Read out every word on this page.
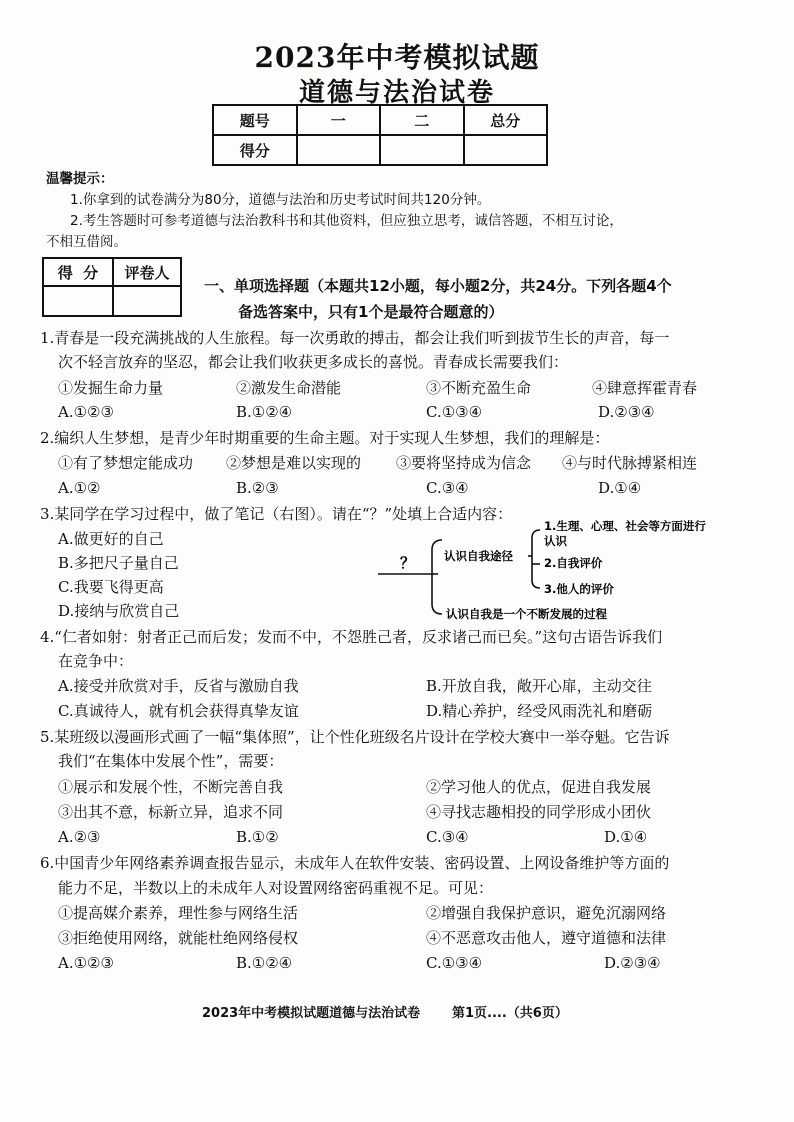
2023年中考模拟试题
道德与法治试卷
题号	一	二	总分
得分			
温馨提示：
1.你拿到的试卷满分为80分，道德与法治和历史考试时间共120分钟。
2.考生答题时可参考道德与法治教科书和其他资料，但应独立思考，诚信答题，不相互讨论，
不相互借阅。
得  分	评卷人

一、单项选择题（本题共12小题，每小题2分，共24分。下列各题4个
备选答案中，只有1个是最符合题意的）
1.青春是一段充满挑战的人生旅程。每一次勇敢的搏击，都会让我们听到拔节生长的声音，每一
次不轻言放弃的坚忍，都会让我们收获更多成长的喜悦。青春成长需要我们：
①发掘生命力量	②激发生命潜能	③不断充盈生命	④肆意挥霍青春
A.①②③	B.①②④	C.①③④	D.②③④
2.编织人生梦想，是青少年时期重要的生命主题。对于实现人生梦想，我们的理解是：
①有了梦想定能成功 ②梦想是难以实现的 ③要将坚持成为信念 ④与时代脉搏紧相连
A.①②	B.②③	C.③④	D.①④
3.某同学在学习过程中，做了笔记（右图）。请在“？”处填上合适内容：
A.做更好的自己
B.多把尺子量自己
C.我要飞得更高
D.接纳与欣赏自己
？	认识自我途径
1.生理、心理、社会等方面进行
认识
2.自我评价
3.他人的评价
认识自我是一个不断发展的过程
4.“仁者如射：射者正己而后发；发而不中，不怨胜己者，反求诸己而已矣。”这句古语告诉我们
在竞争中：
A.接受并欣赏对手，反省与激励自我	B.开放自我，敞开心扉，主动交往
C.真诚待人，就有机会获得真挚友谊	D.精心养护，经受风雨洗礼和磨砺
5.某班级以漫画形式画了一幅“集体照”，让个性化班级名片设计在学校大赛中一举夺魁。它告诉
我们“在集体中发展个性”，需要：
①展示和发展个性，不断完善自我	②学习他人的优点，促进自我发展
③出其不意，标新立异，追求不同	④寻找志趣相投的同学形成小团伙
A.②③	B.①②	C.③④	D.①④
6.中国青少年网络素养调查报告显示，未成年人在软件安装、密码设置、上网设备维护等方面的
能力不足，半数以上的未成年人对设置网络密码重视不足。可见：
①提高媒介素养，理性参与网络生活	②增强自我保护意识，避免沉溺网络
③拒绝使用网络，就能杜绝网络侵权	④不恶意攻击他人，遵守道德和法律
A.①②③	B.①②④	C.①③④	D.②③④
2023年中考模拟试题道德与法治试卷 第1页....（共6页）
